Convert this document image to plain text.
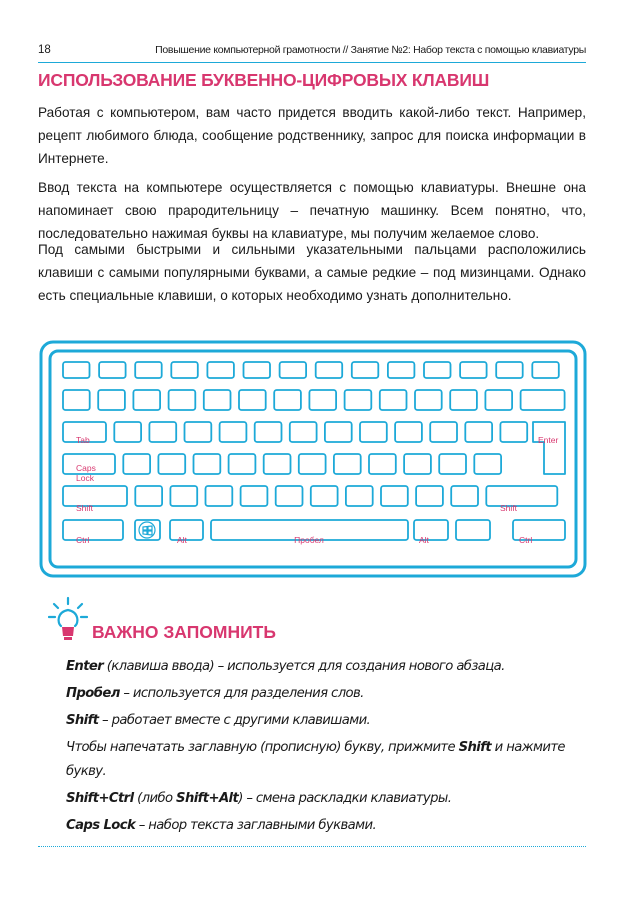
18	Повышение компьютерной грамотности // Занятие №2: Набор текста с помощью клавиатуры
ИСПОЛЬЗОВАНИЕ БУКВЕННО-ЦИФРОВЫХ КЛАВИШ

Работая с компьютером, вам часто придется вводить какой-либо текст. Например, рецепт любимого блюда, сообщение родственнику, запрос для поиска информации в Интернете.

Ввод текста на компьютере осуществляется с помощью клавиатуры. Внешне она напоминает свою прародительницу – печатную машинку. Всем понятно, что, последовательно нажимая буквы на клавиатуре, мы получим желаемое слово.

Под самыми быстрыми и сильными указательными пальцами расположились клавиши с самыми популярными буквами, а самые редкие – под мизинцами. Однако есть специальные клавиши, о которых необходимо узнать дополнительно.

Tab	Enter
Caps
Lock
Shift	Shift
Ctrl	Alt	Пробел	Alt	Ctrl
ВАЖНО ЗАПОМНИТЬ

Enter (клавиша ввода) – используется для создания нового абзаца.

Пробел – используется для разделения слов.

Shift – работает вместе с другими клавишами.

Чтобы напечатать заглавную (прописную) букву, прижмите Shift и нажмите букву.

Shift+Ctrl (либо Shift+Alt) – смена раскладки клавиатуры.

Caps Lock – набор текста заглавными буквами.
